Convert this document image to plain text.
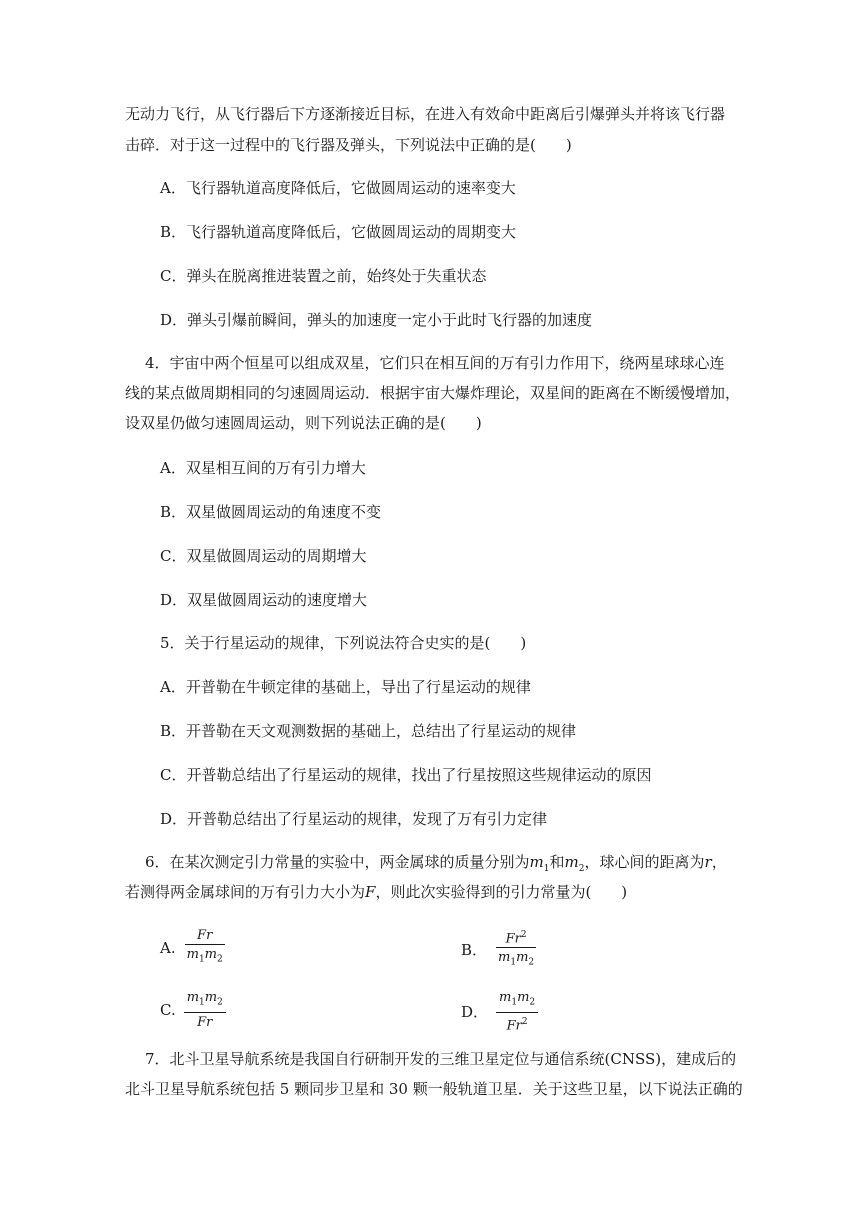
无动力飞行，从飞行器后下方逐渐接近目标，在进入有效命中距离后引爆弹头并将该飞行器
击碎．对于这一过程中的飞行器及弹头，下列说法中正确的是(　　)
A．飞行器轨道高度降低后，它做圆周运动的速率变大
B．飞行器轨道高度降低后，它做圆周运动的周期变大
C．弹头在脱离推进装置之前，始终处于失重状态
D．弹头引爆前瞬间，弹头的加速度一定小于此时飞行器的加速度
4．宇宙中两个恒星可以组成双星，它们只在相互间的万有引力作用下，绕两星球球心连
线的某点做周期相同的匀速圆周运动．根据宇宙大爆炸理论，双星间的距离在不断缓慢增加，
设双星仍做匀速圆周运动，则下列说法正确的是(　　)
A．双星相互间的万有引力增大
B．双星做圆周运动的角速度不变
C．双星做圆周运动的周期增大
D．双星做圆周运动的速度增大
5．关于行星运动的规律，下列说法符合史实的是(　　)
A．开普勒在牛顿定律的基础上，导出了行星运动的规律
B．开普勒在天文观测数据的基础上，总结出了行星运动的规律
C．开普勒总结出了行星运动的规律，找出了行星按照这些规律运动的原因
D．开普勒总结出了行星运动的规律，发现了万有引力定律
6．在某次测定引力常量的实验中，两金属球的质量分别为$m_1$和$m_2$，球心间的距离为r，
若测得两金属球间的万有引力大小为F，则此次实验得到的引力常量为(　　)
A. $\frac{Fr}{m_1m_2}$	B． $\frac{Fr^2}{m_1m_2}$
C. $\frac{m_1m_2}{Fr}$	D． $\frac{m_1m_2}{Fr^2}$
7．北斗卫星导航系统是我国自行研制开发的三维卫星定位与通信系统(CNSS)，建成后的
北斗卫星导航系统包括 5 颗同步卫星和 30 颗一般轨道卫星．关于这些卫星，以下说法正确的
